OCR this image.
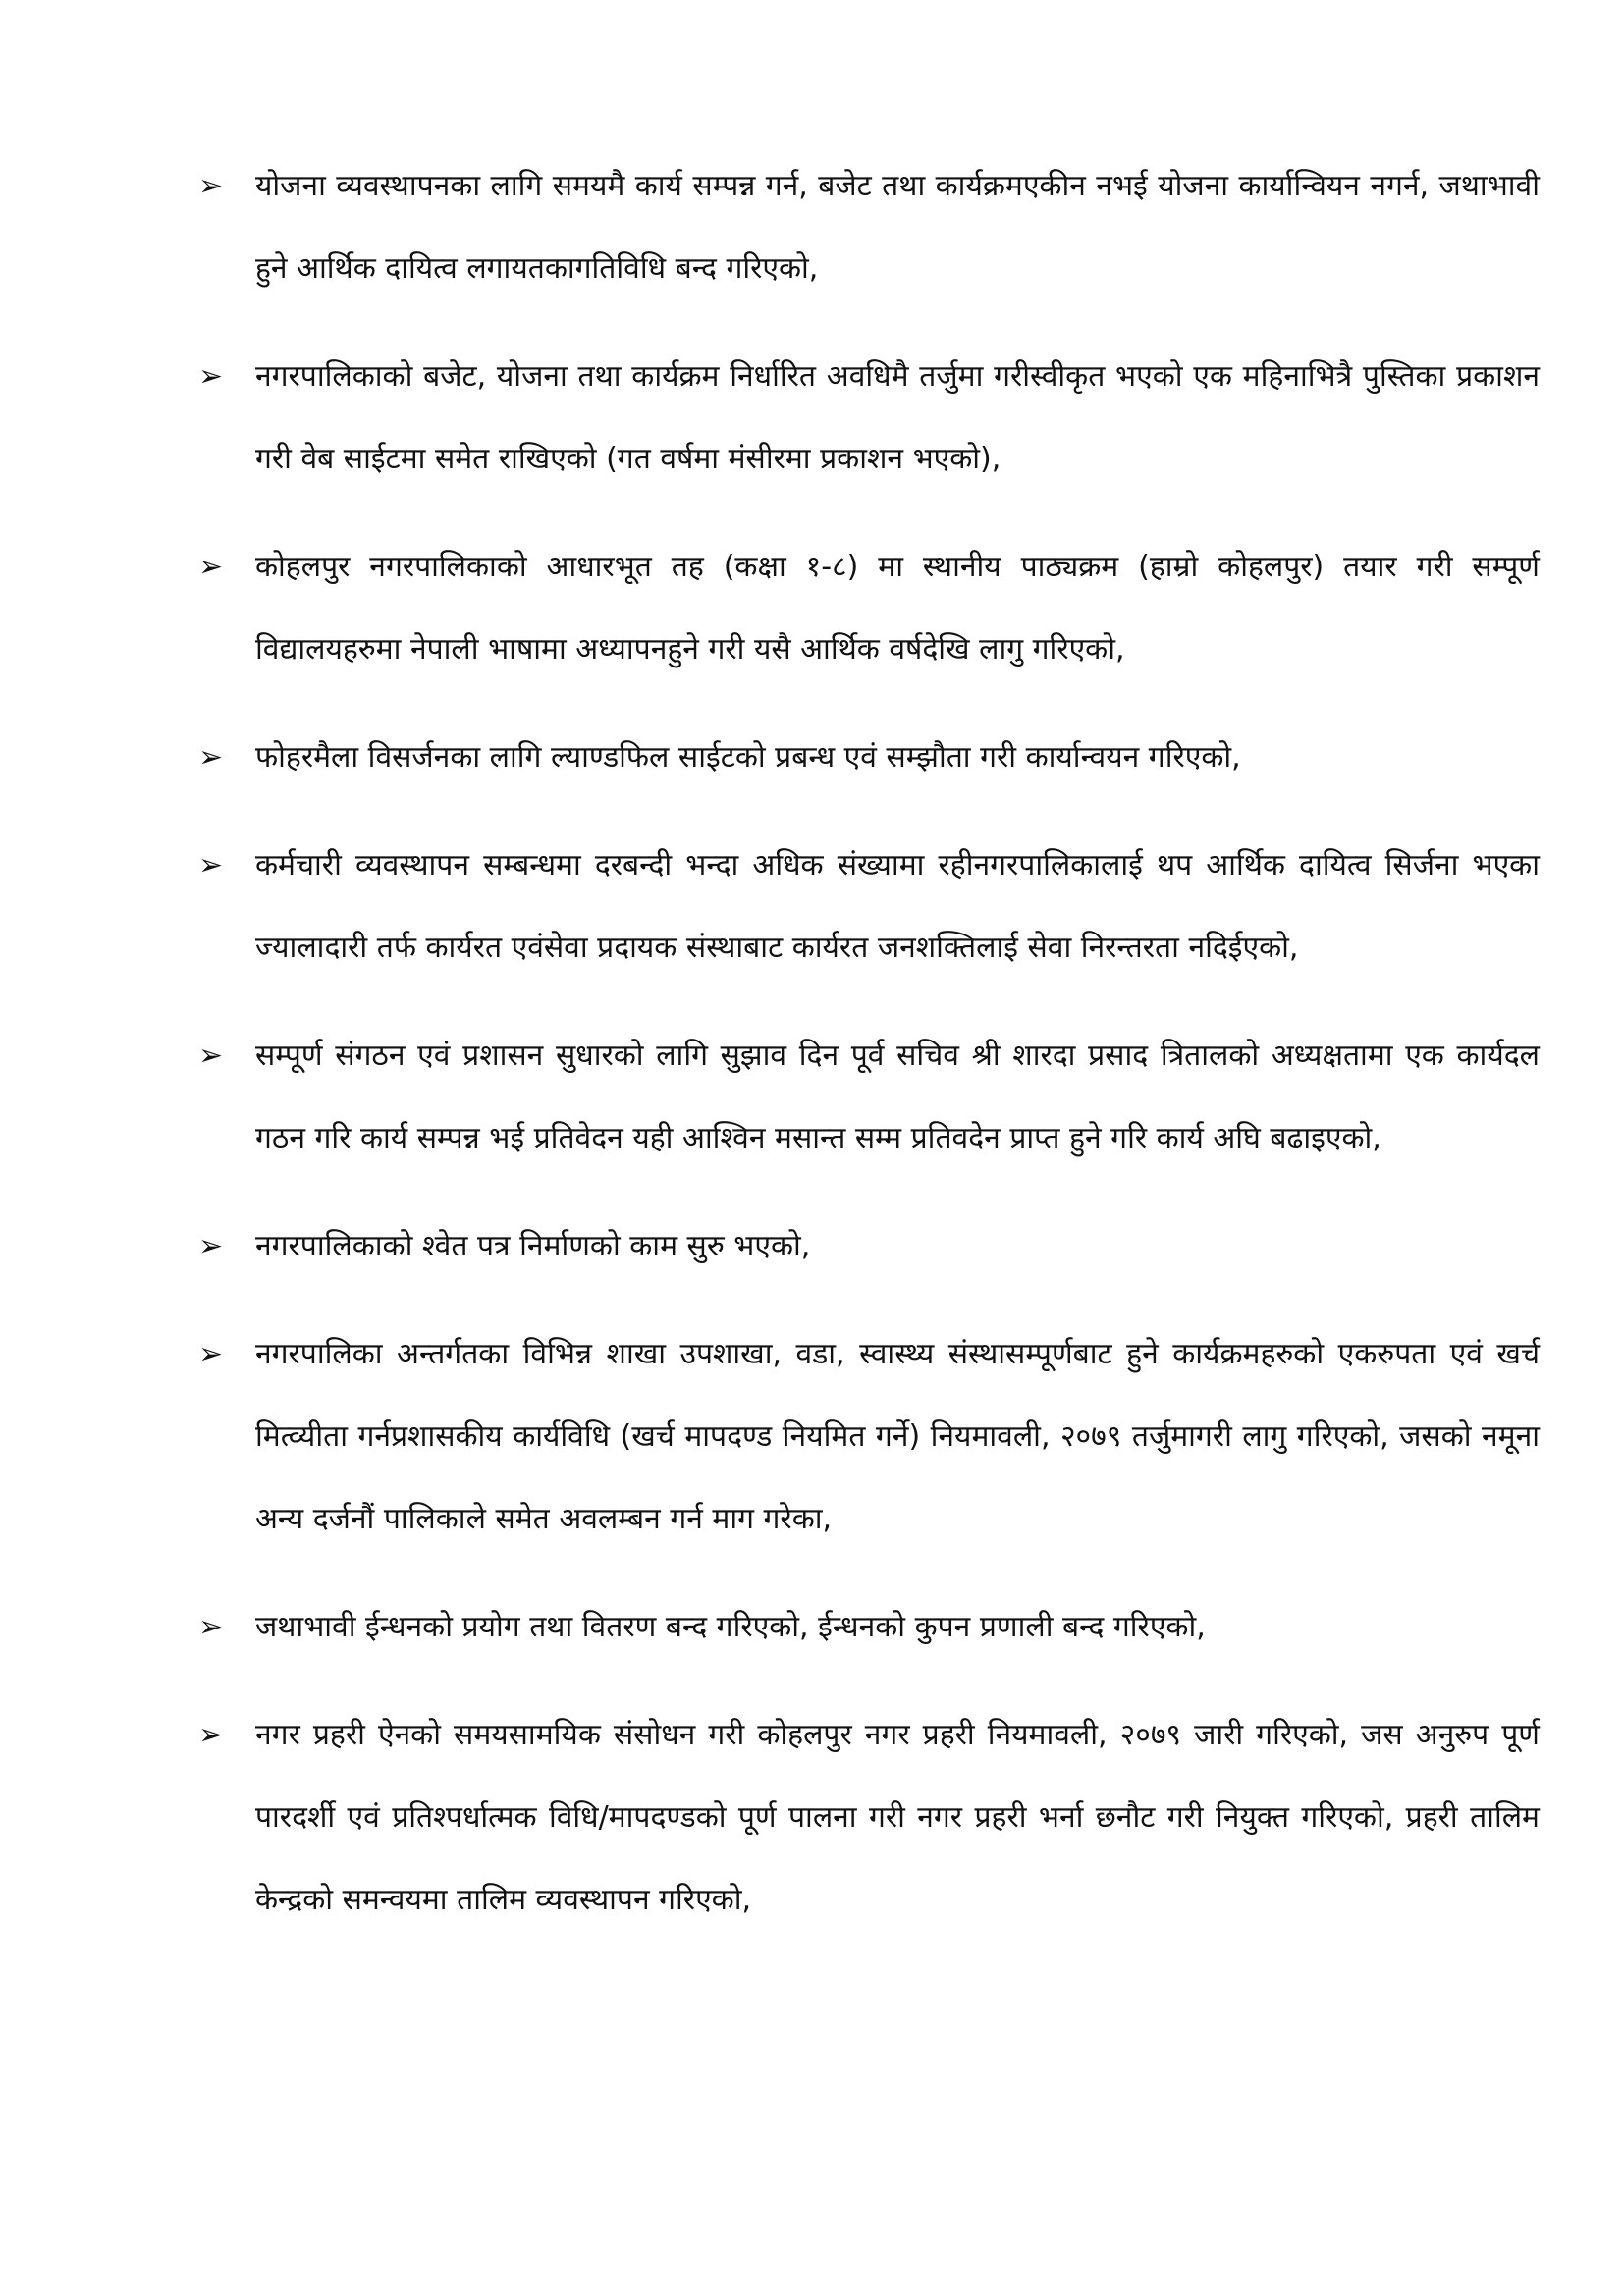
➢	योजना व्यवस्थापनका लागि समयमै कार्य सम्पन्न गर्न, बजेट तथा कार्यक्रमएकीन नभई योजना कार्यान्वियन नगर्न, जथाभावी हुने आर्थिक दायित्व लगायतकागतिविधि बन्द गरिएको,
➢	नगरपालिकाको बजेट, योजना तथा कार्यक्रम निर्धारित अवधिमै तर्जुमा गरीस्वीकृत भएको एक महिनाभित्रै पुस्तिका प्रकाशन गरी वेब साईटमा समेत राखिएको (गत वर्षमा मंसीरमा प्रकाशन भएको),
➢	कोहलपुर नगरपालिकाको आधारभूत तह (कक्षा १-८) मा स्थानीय पाठ्यक्रम (हाम्रो कोहलपुर) तयार गरी सम्पूर्ण विद्यालयहरुमा नेपाली भाषामा अध्यापनहुने गरी यसै आर्थिक वर्षदेखि लागु गरिएको,
➢	फोहरमैला विसर्जनका लागि ल्याण्डफिल साईटको प्रबन्ध एवं सम्झौता गरी कार्यान्वयन गरिएको,
➢	कर्मचारी व्यवस्थापन सम्बन्धमा दरबन्दी भन्दा अधिक संख्यामा रहीनगरपालिकालाई थप आर्थिक दायित्व सिर्जना भएका ज्यालादारी तर्फ कार्यरत एवंसेवा प्रदायक संस्थाबाट कार्यरत जनशक्तिलाई सेवा निरन्तरता नदिईएको,
➢	सम्पूर्ण संगठन एवं प्रशासन सुधारको लागि सुझाव दिन पूर्व सचिव श्री शारदा प्रसाद त्रितालको अध्यक्षतामा एक कार्यदल गठन गरि कार्य सम्पन्न भई प्रतिवेदन यही आश्विन मसान्त सम्म प्रतिवदेन प्राप्त हुने गरि कार्य अघि बढाइएको,
➢	नगरपालिकाको श्वेत पत्र निर्माणको काम सुरु भएको,
➢	नगरपालिका अन्तर्गतका विभिन्न शाखा उपशाखा, वडा, स्वास्थ्य संस्थासम्पूर्णबाट हुने कार्यक्रमहरुको एकरुपता एवं खर्च मित्व्यीता गर्नप्रशासकीय कार्यविधि (खर्च मापदण्ड नियमित गर्ने) नियमावली, २०७९ तर्जुमागरी लागु गरिएको, जसको नमूना अन्य दर्जनौं पालिकाले समेत अवलम्बन गर्न माग गरेका,
➢	जथाभावी ईन्धनको प्रयोग तथा वितरण बन्द गरिएको, ईन्धनको कुपन प्रणाली बन्द गरिएको,
➢	नगर प्रहरी ऐनको समयसामयिक संसोधन गरी कोहलपुर नगर प्रहरी नियमावली, २०७९ जारी गरिएको, जस अनुरुप पूर्ण पारदर्शी एवं प्रतिश्पर्धात्मक विधि/मापदण्डको पूर्ण पालना गरी नगर प्रहरी भर्ना छनौट गरी नियुक्त गरिएको, प्रहरी तालिम केन्द्रको समन्वयमा तालिम व्यवस्थापन गरिएको,
